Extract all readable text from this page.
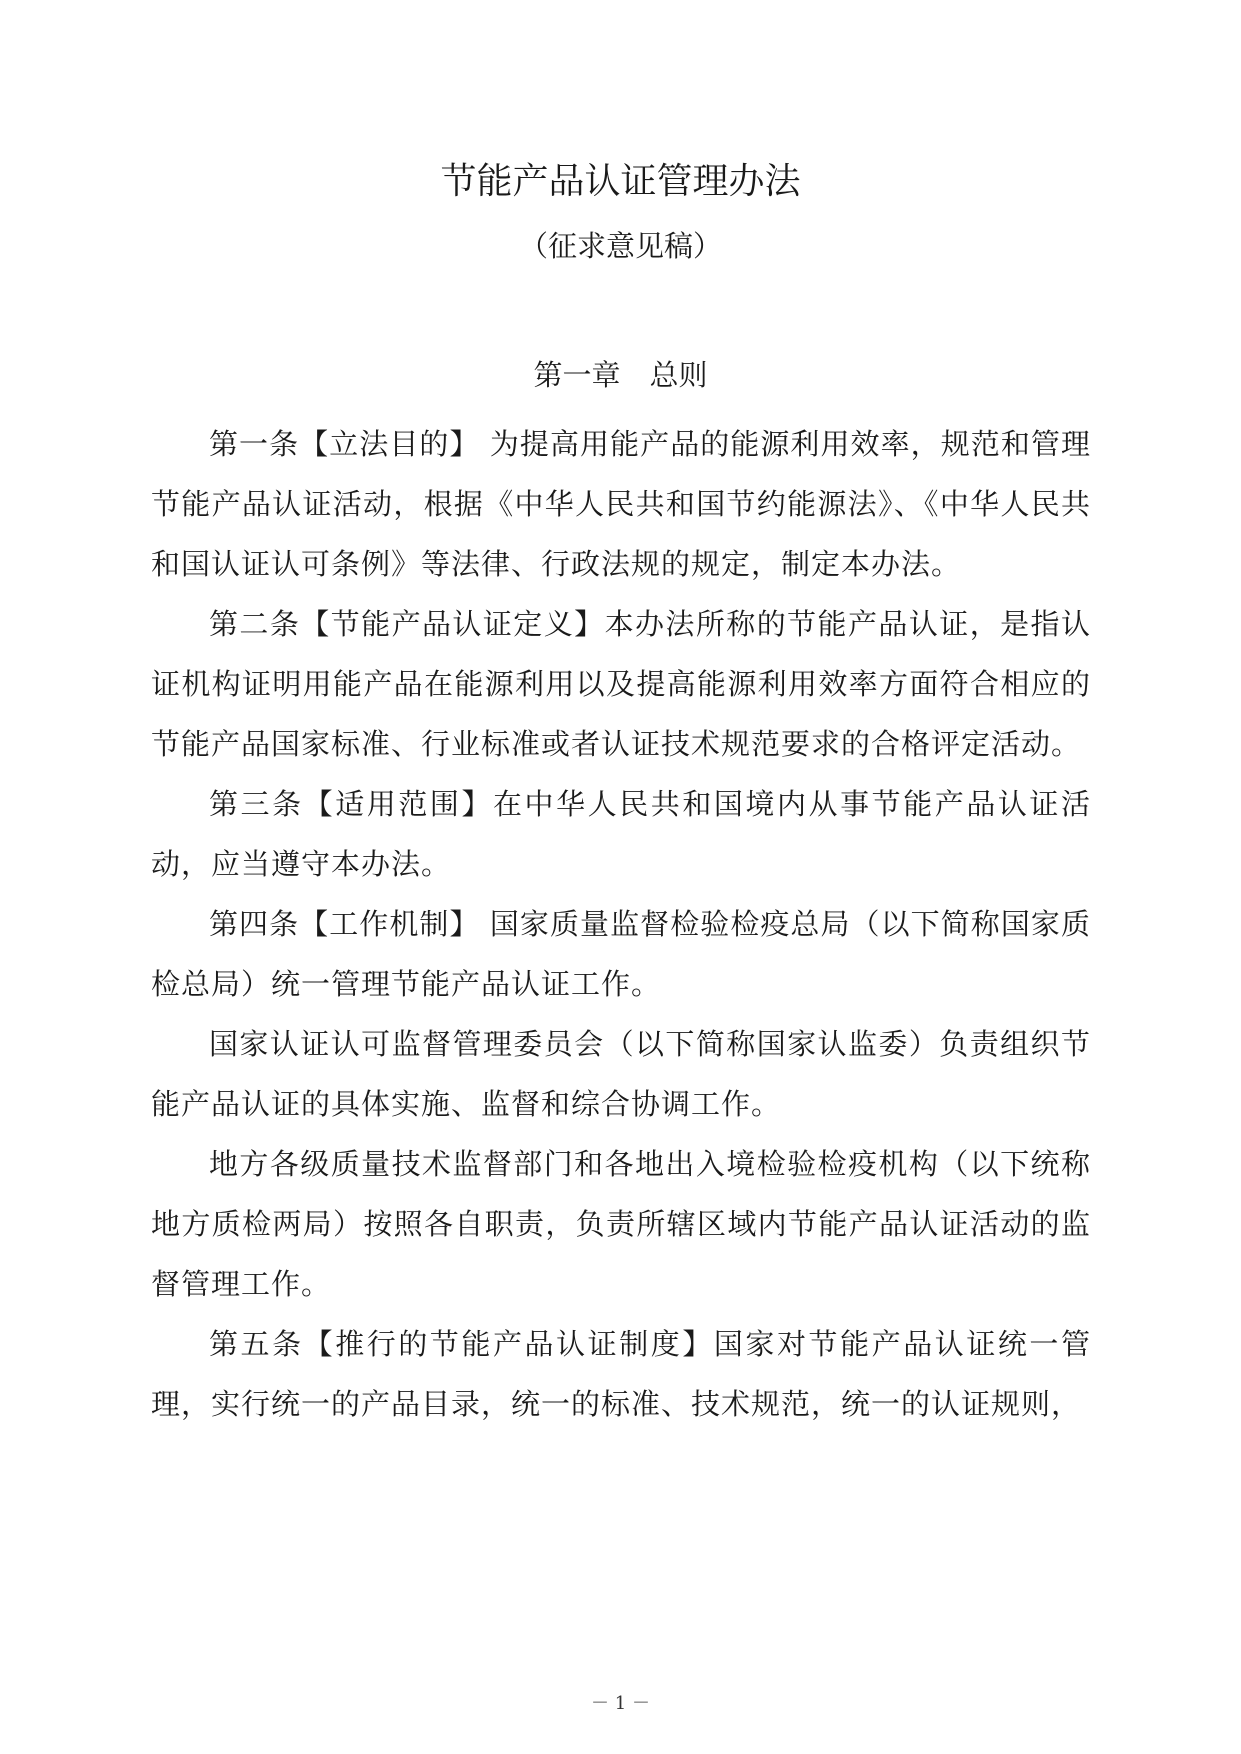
节能产品认证管理办法
（征求意见稿）
第一章　总则

第一条【立法目的】 为提高用能产品的能源利用效率，规范和管理节能产品认证活动，根据《中华人民共和国节约能源法》、《中华人民共和国认证认可条例》等法律、行政法规的规定，制定本办法。

第二条【节能产品认证定义】本办法所称的节能产品认证，是指认证机构证明用能产品在能源利用以及提高能源利用效率方面符合相应的节能产品国家标准、行业标准或者认证技术规范要求的合格评定活动。

第三条【适用范围】在中华人民共和国境内从事节能产品认证活动，应当遵守本办法。

第四条【工作机制】 国家质量监督检验检疫总局（以下简称国家质检总局）统一管理节能产品认证工作。

国家认证认可监督管理委员会（以下简称国家认监委）负责组织节能产品认证的具体实施、监督和综合协调工作。

地方各级质量技术监督部门和各地出入境检验检疫机构（以下统称地方质检两局）按照各自职责，负责所辖区域内节能产品认证活动的监督管理工作。

第五条【推行的节能产品认证制度】国家对节能产品认证统一管理，实行统一的产品目录，统一的标准、技术规范，统一的认证规则，

－ 1 －
